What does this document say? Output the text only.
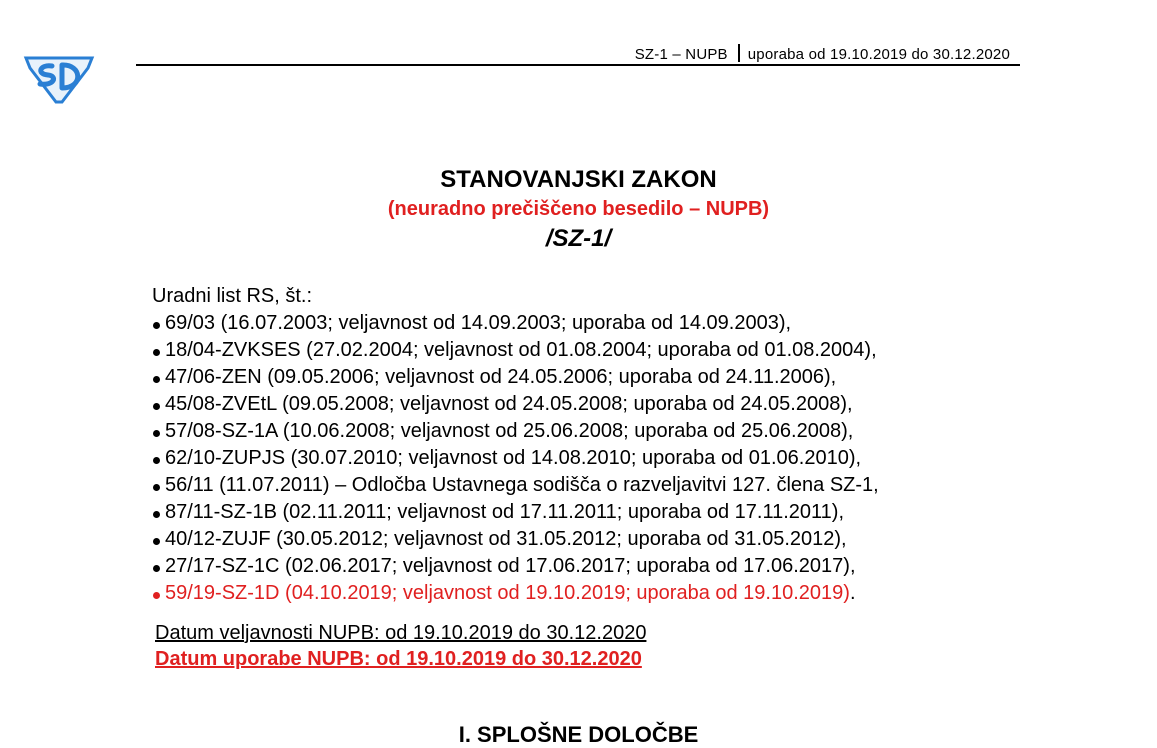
SZ-1 – NUPB uporaba od 19.10.2019 do 30.12.2020
STANOVANJSKI ZAKON
(neuradno prečiščeno besedilo – NUPB)
/SZ-1/
Uradni list RS, št.:
69/03 (16.07.2003; veljavnost od 14.09.2003; uporaba od 14.09.2003),
18/04-ZVKSES (27.02.2004; veljavnost od 01.08.2004; uporaba od 01.08.2004),
47/06-ZEN (09.05.2006; veljavnost od 24.05.2006; uporaba od 24.11.2006),
45/08-ZVEtL (09.05.2008; veljavnost od 24.05.2008; uporaba od 24.05.2008),
57/08-SZ-1A (10.06.2008; veljavnost od 25.06.2008; uporaba od 25.06.2008),
62/10-ZUPJS (30.07.2010; veljavnost od 14.08.2010; uporaba od 01.06.2010),
56/11 (11.07.2011) – Odločba Ustavnega sodišča o razveljavitvi 127. člena SZ-1,
87/11-SZ-1B (02.11.2011; veljavnost od 17.11.2011; uporaba od 17.11.2011),
40/12-ZUJF (30.05.2012; veljavnost od 31.05.2012; uporaba od 31.05.2012),
27/17-SZ-1C (02.06.2017; veljavnost od 17.06.2017; uporaba od 17.06.2017),
59/19-SZ-1D (04.10.2019; veljavnost od 19.10.2019; uporaba od 19.10.2019).
Datum veljavnosti NUPB: od 19.10.2019 do 30.12.2020
Datum uporabe NUPB: od 19.10.2019 do 30.12.2020
I. SPLOŠNE DOLOČBE
